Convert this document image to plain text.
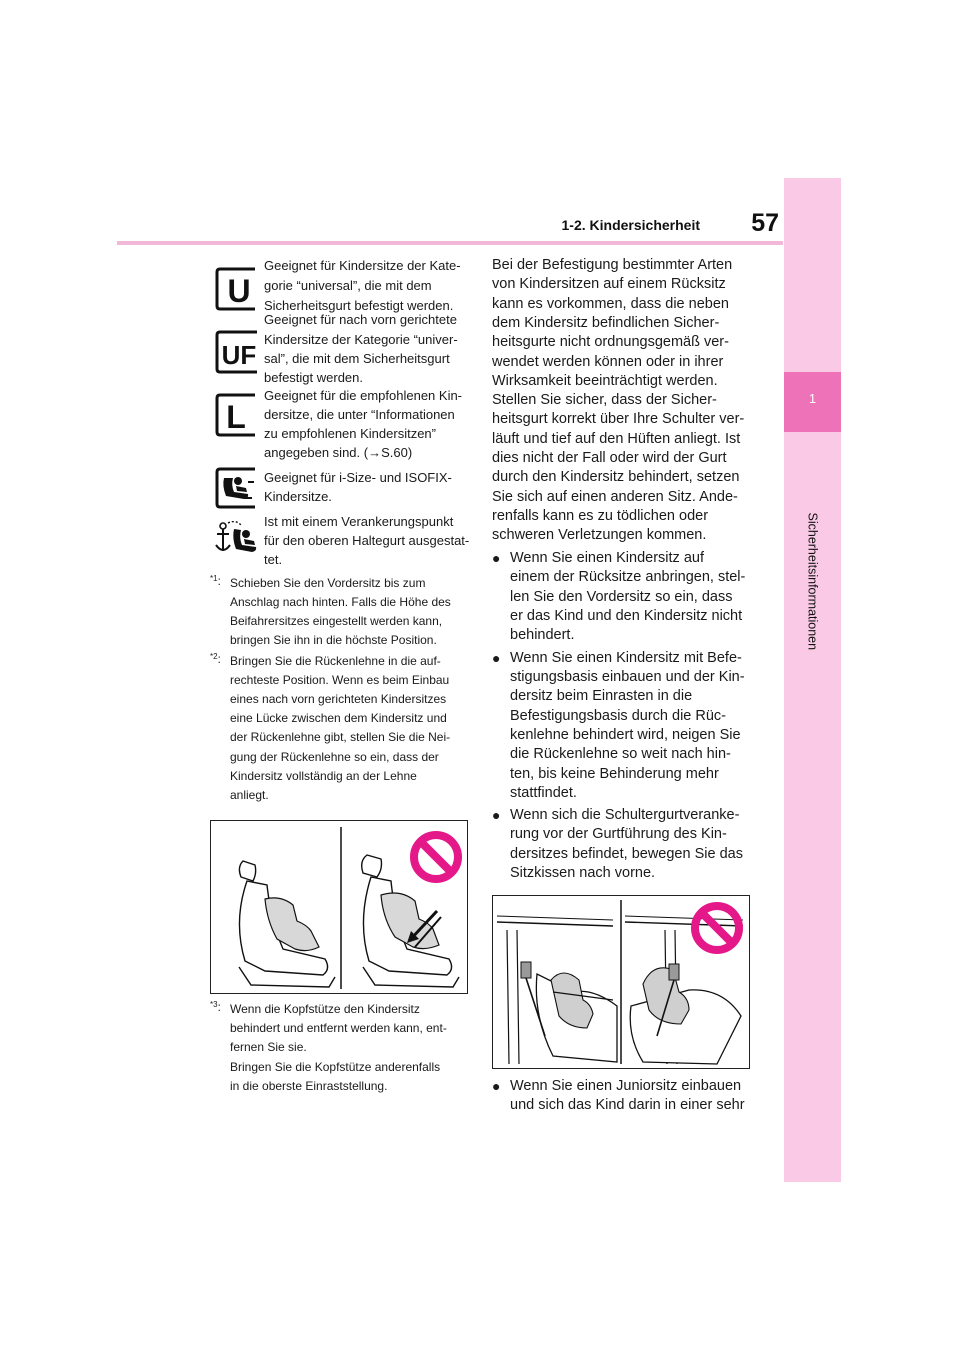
1-2. Kindersicherheit	57
1
Sicherheitsinformationen
U
Geeignet für Kindersitze der Kate-
gorie “universal”, die mit dem
Sicherheitsgurt befestigt werden.
UF
Geeignet für nach vorn gerichtete
Kindersitze der Kategorie “univer-
sal”, die mit dem Sicherheitsgurt
befestigt werden.
L
Geeignet für die empfohlenen Kin-
dersitze, die unter “Informationen
zu empfohlenen Kindersitzen”
angegeben sind. (→S.60)
Geeignet für i-Size- und ISOFIX-
Kindersitze.
Ist mit einem Verankerungspunkt
für den oberen Haltegurt ausgestat-
tet.
$^{*1}$: Schieben Sie den Vordersitz bis zum
Anschlag nach hinten. Falls die Höhe des
Beifahrersitzes eingestellt werden kann,
bringen Sie ihn in die höchste Position.
$^{*2}$: Bringen Sie die Rückenlehne in die auf-
rechteste Position. Wenn es beim Einbau
eines nach vorn gerichteten Kindersitzes
eine Lücke zwischen dem Kindersitz und
der Rückenlehne gibt, stellen Sie die Nei-
gung der Rückenlehne so ein, dass der
Kindersitz vollständig an der Lehne
anliegt.
$^{*3}$: Wenn die Kopfstütze den Kindersitz
behindert und entfernt werden kann, ent-
fernen Sie sie.
Bringen Sie die Kopfstütze anderenfalls
in die oberste Einraststellung.
Bei der Befestigung bestimmter Arten
von Kindersitzen auf einem Rücksitz
kann es vorkommen, dass die neben
dem Kindersitz befindlichen Sicher-
heitsgurte nicht ordnungsgemäß ver-
wendet werden können oder in ihrer
Wirksamkeit beeinträchtigt werden.
Stellen Sie sicher, dass der Sicher-
heitsgurt korrekt über Ihre Schulter ver-
läuft und tief auf den Hüften anliegt. Ist
dies nicht der Fall oder wird der Gurt
durch den Kindersitz behindert, setzen
Sie sich auf einen anderen Sitz. Ande-
renfalls kann es zu tödlichen oder
schweren Verletzungen kommen.
● Wenn Sie einen Kindersitz auf
einem der Rücksitze anbringen, stel-
len Sie den Vordersitz so ein, dass
er das Kind und den Kindersitz nicht
behindert.
● Wenn Sie einen Kindersitz mit Befe-
stigungsbasis einbauen und der Kin-
dersitz beim Einrasten in die
Befestigungsbasis durch die Rüc-
kenlehne behindert wird, neigen Sie
die Rückenlehne so weit nach hin-
ten, bis keine Behinderung mehr
stattfindet.
● Wenn sich die Schultergurtveranke-
rung vor der Gurtführung des Kin-
dersitzes befindet, bewegen Sie das
Sitzkissen nach vorne.
● Wenn Sie einen Juniorsitz einbauen
und sich das Kind darin in einer sehr
